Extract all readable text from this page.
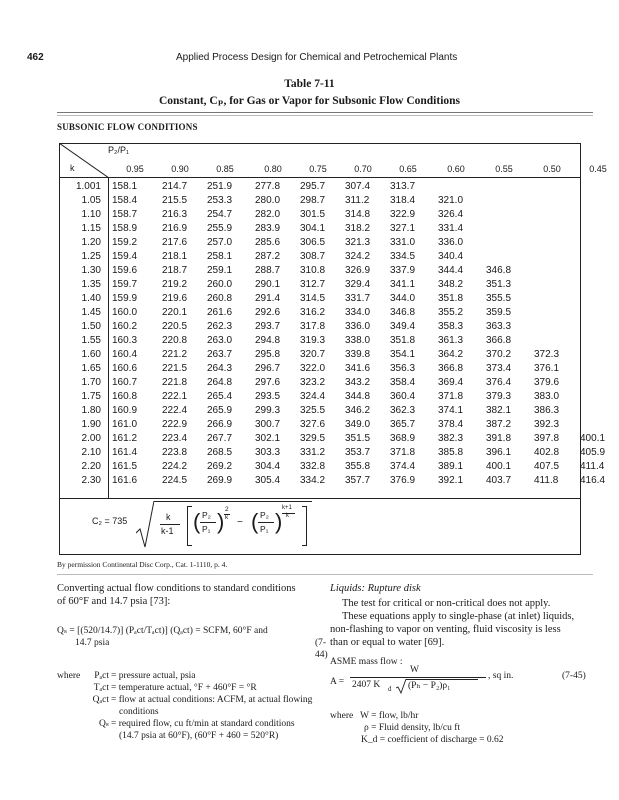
462	Applied Process Design for Chemical and Petrochemical Plants
Table 7-11
Constant, Cₚ, for Gas or Vapor for Subsonic Flow Conditions
SUBSONIC FLOW CONDITIONS
P₂/P₁
k	0.95	0.90	0.85	0.80	0.75	0.70	0.65	0.60	0.55	0.50	0.45
1.001 158.1	214.7	251.9	277.8	295.7	307.4	313.7
1.05 158.4	215.5	253.3	280.0	298.7	311.2	318.4	321.0
1.10 158.7	216.3	254.7	282.0	301.5	314.8	322.9	326.4
1.15 158.9	216.9	255.9	283.9	304.1	318.2	327.1	331.4
1.20 159.2	217.6	257.0	285.6	306.5	321.3	331.0	336.0
1.25 159.4	218.1	258.1	287.2	308.7	324.2	334.5	340.4
1.30 159.6	218.7	259.1	288.7	310.8	326.9	337.9	344.4	346.8
1.35 159.7	219.2	260.0	290.1	312.7	329.4	341.1	348.2	351.3
1.40 159.9	219.6	260.8	291.4	314.5	331.7	344.0	351.8	355.5
1.45 160.0	220.1	261.6	292.6	316.2	334.0	346.8	355.2	359.5
1.50 160.2	220.5	262.3	293.7	317.8	336.0	349.4	358.3	363.3
1.55 160.3	220.8	263.0	294.8	319.3	338.0	351.8	361.3	366.8
1.60 160.4	221.2	263.7	295.8	320.7	339.8	354.1	364.2	370.2	372.3
1.65 160.6	221.5	264.3	296.7	322.0	341.6	356.3	366.8	373.4	376.1
1.70 160.7	221.8	264.8	297.6	323.2	343.2	358.4	369.4	376.4	379.6
1.75 160.8	222.1	265.4	293.5	324.4	344.8	360.4	371.8	379.3	383.0
1.80 160.9	222.4	265.9	299.3	325.5	346.2	362.3	374.1	382.1	386.3
1.90 161.0	222.9	266.9	300.7	327.6	349.0	365.7	378.4	387.2	392.3
2.00 161.2	223.4	267.7	302.1	329.5	351.5	368.9	382.3	391.8	397.8	400.1
2.10 161.4	223.8	268.5	303.3	331.2	353.7	371.8	385.8	396.1	402.8	405.9
2.20 161.5	224.2	269.2	304.4	332.8	355.8	374.4	389.1	400.1	407.5	411.4
2.30 161.6	224.5	269.9	305.4	334.2	357.7	376.9	392.1	403.7	411.8	416.4
C₂ = 735	k
k-1 ( P₂
P₁ ) 2
k − ( P₂
P₁ )
k+1
k
By permission Continental Disc Corp., Cat. 1-1110, p. 4.
Converting actual flow conditions to standard conditions
of 60°F and 14.7 psia [73]:
Qₛ = [(520/14.7)] (Pₐct/Tₐct)] (Qₐct) = SCFM, 60°F and
14.7 psia	(7-44)
where	Pₐct = pressure actual, psia
Tₐct = temperature actual, °F + 460°F = °R
Qₐct = flow at actual conditions: ACFM, at actual flowing
conditions
Qₛ = required flow, cu ft/min at standard conditions
(14.7 psia at 60°F), (60°F + 460 = 520°R)
Liquids: Rupture disk
The test for critical or non-critical does not apply.
These equations apply to single-phase (at inlet) liquids,
non-flashing to vapor on venting, fluid viscosity is less
than or equal to water [69].
ASME mass flow :
A =
W
2407 K d (Pₕ − P₂)ρ₁
, sq in.	(7-45)
where W = flow, lb/hr
ρ = Fluid density, lb/cu ft
K_d = coefficient of discharge = 0.62
